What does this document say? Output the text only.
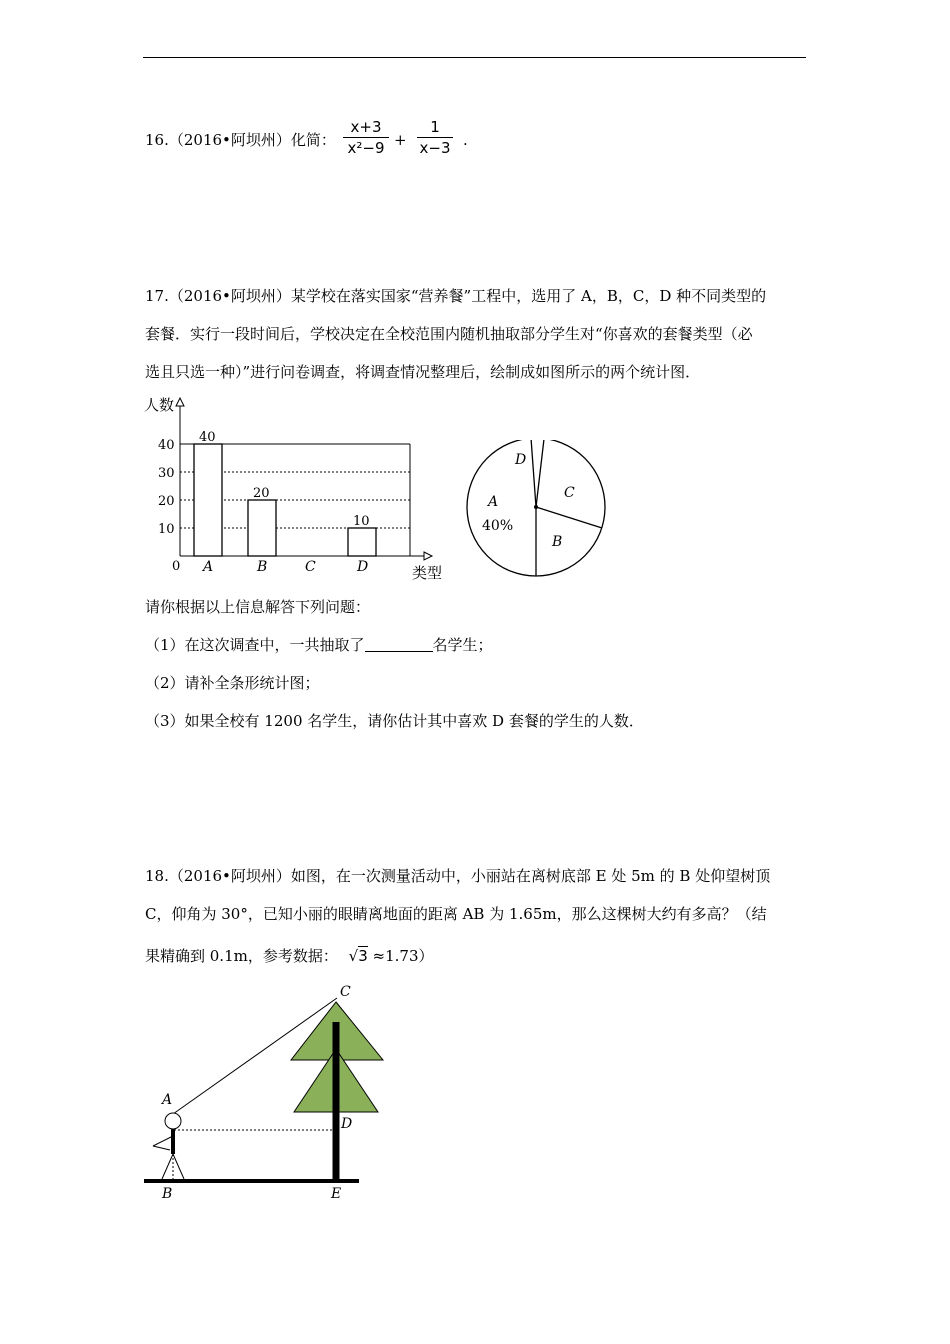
16.（2016•阿坝州）化简：
x+3
x²−9 +
1
x−3 .
17.（2016•阿坝州）某学校在落实国家“营养餐”工程中，选用了 A，B，C，D 种不同类型的
套餐．实行一段时间后，学校决定在全校范围内随机抽取部分学生对“你喜欢的套餐类型（必
选且只选一种）”进行问卷调查，将调查情况整理后，绘制成如图所示的两个统计图．
人数
0	类型
10
20
30
40
A	B	C	D
40
20
10
D
C
A
40%
B
请你根据以上信息解答下列问题：
（1）在这次调查中，一共抽取了	名学生；
（2）请补全条形统计图；
（3）如果全校有 1200 名学生，请你估计其中喜欢 D 套餐的学生的人数．
18.（2016•阿坝州）如图，在一次测量活动中，小丽站在离树底部 E 处 5m 的 B 处仰望树顶
C，仰角为 30°，已知小丽的眼睛离地面的距离 AB 为 1.65m，那么这棵树大约有多高？（结
果精确到 0.1m，参考数据： √3 ≈1.73）
C
A
D
B	E
